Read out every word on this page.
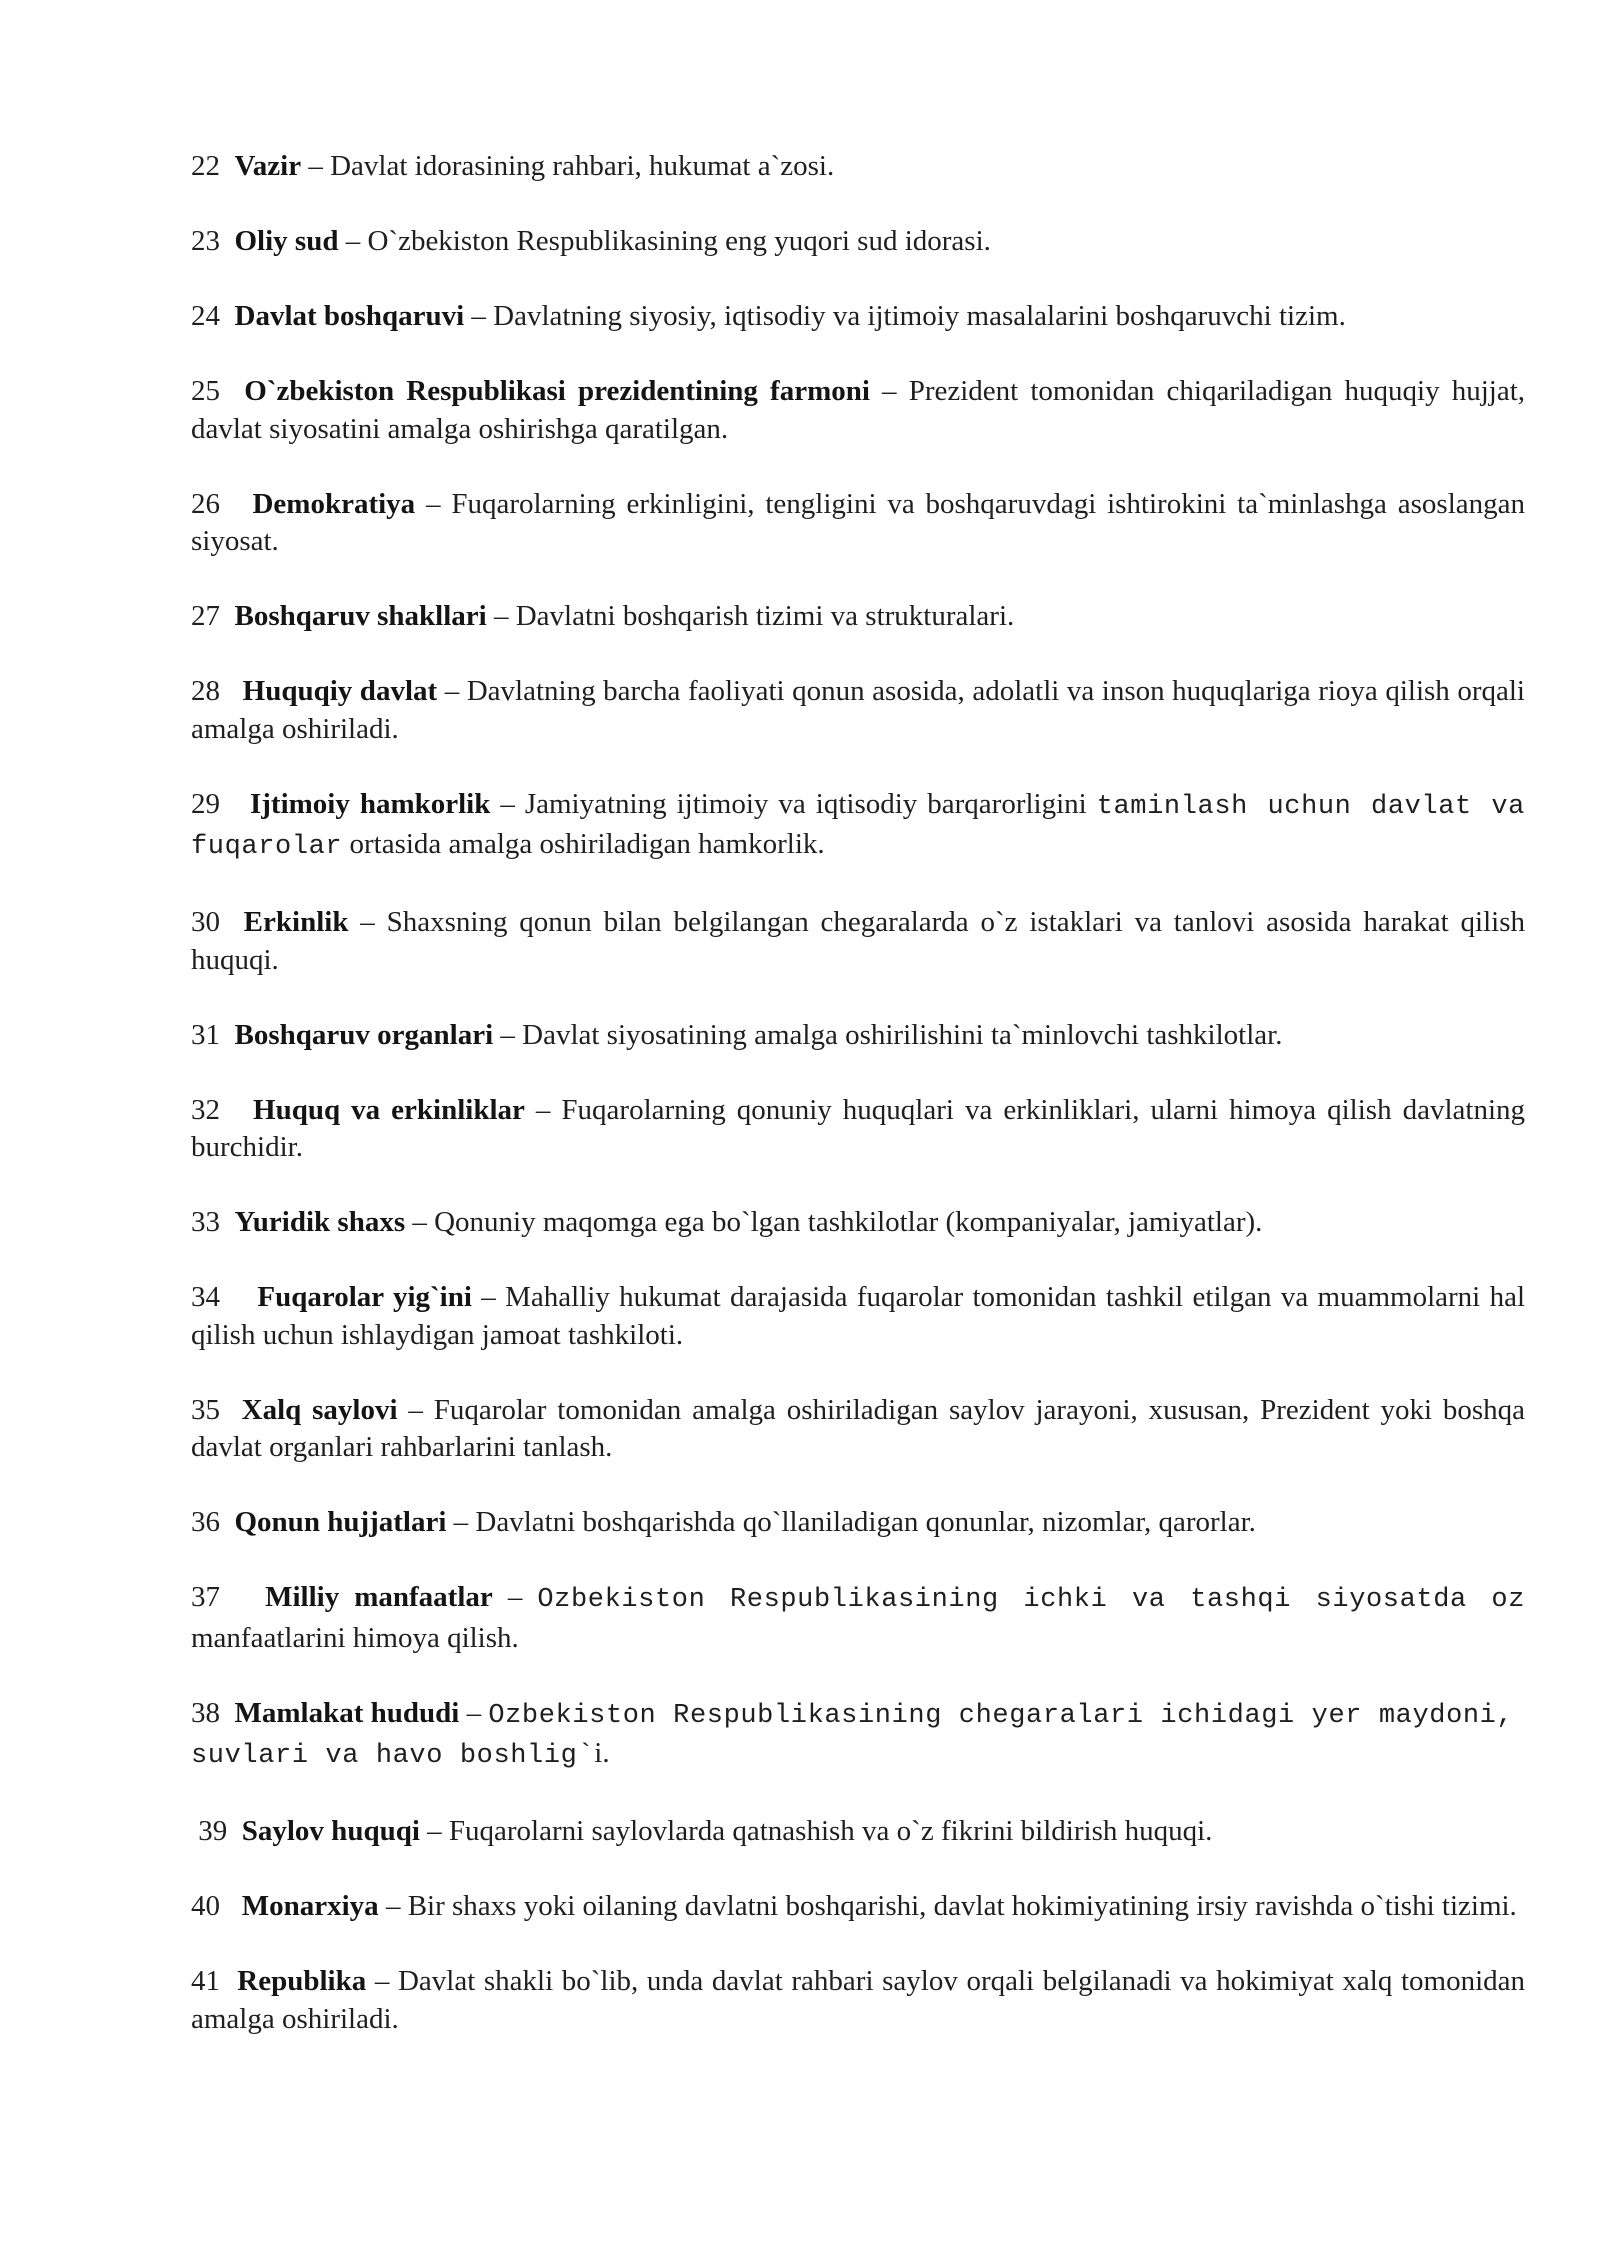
22 Vazir – Davlat idorasining rahbari, hukumat a`zosi.

23 Oliy sud – O`zbekiston Respublikasining eng yuqori sud idorasi.

24 Davlat boshqaruvi – Davlatning siyosiy, iqtisodiy va ijtimoiy masalalarini boshqaruvchi tizim.

25 O`zbekiston Respublikasi prezidentining farmoni – Prezident tomonidan chiqariladigan huquqiy hujjat, davlat siyosatini amalga oshirishga qaratilgan.

26 Demokratiya – Fuqarolarning erkinligini, tengligini va boshqaruvdagi ishtirokini ta`minlashga asoslangan siyosat.

27 Boshqaruv shakllari – Davlatni boshqarish tizimi va strukturalari.

28 Huquqiy davlat – Davlatning barcha faoliyati qonun asosida, adolatli va inson huquqlariga rioya qilish orqali amalga oshiriladi.

29 Ijtimoiy hamkorlik – Jamiyatning ijtimoiy va iqtisodiy barqarorligini taminlash uchun davlat va fuqarolar ortasida amalga oshiriladigan hamkorlik.

30 Erkinlik – Shaxsning qonun bilan belgilangan chegaralarda o`z istaklari va tanlovi asosida harakat qilish huquqi.

31 Boshqaruv organlari – Davlat siyosatining amalga oshirilishini ta`minlovchi tashkilotlar.

32 Huquq va erkinliklar – Fuqarolarning qonuniy huquqlari va erkinliklari, ularni himoya qilish davlatning burchidir.

33 Yuridik shaxs – Qonuniy maqomga ega bo`lgan tashkilotlar (kompaniyalar, jamiyatlar).

34 Fuqarolar yig`ini – Mahalliy hukumat darajasida fuqarolar tomonidan tashkil etilgan va muammolarni hal qilish uchun ishlaydigan jamoat tashkiloti.

35 Xalq saylovi – Fuqarolar tomonidan amalga oshiriladigan saylov jarayoni, xususan, Prezident yoki boshqa davlat organlari rahbarlarini tanlash.

36 Qonun hujjatlari – Davlatni boshqarishda qo`llaniladigan qonunlar, nizomlar, qarorlar.

37 Milliy manfaatlar – Ozbekiston Respublikasining ichki va tashqi siyosatda oz manfaatlarini himoya qilish.

38 Mamlakat hududi – Ozbekiston Respublikasining chegaralari ichidagi yer maydoni, suvlari va havo boshlig`i.

39 Saylov huquqi – Fuqarolarni saylovlarda qatnashish va o`z fikrini bildirish huquqi.

40 Monarxiya – Bir shaxs yoki oilaning davlatni boshqarishi, davlat hokimiyatining irsiy ravishda o`tishi tizimi.

41 Republika – Davlat shakli bo`lib, unda davlat rahbari saylov orqali belgilanadi va hokimiyat xalq tomonidan amalga oshiriladi.
